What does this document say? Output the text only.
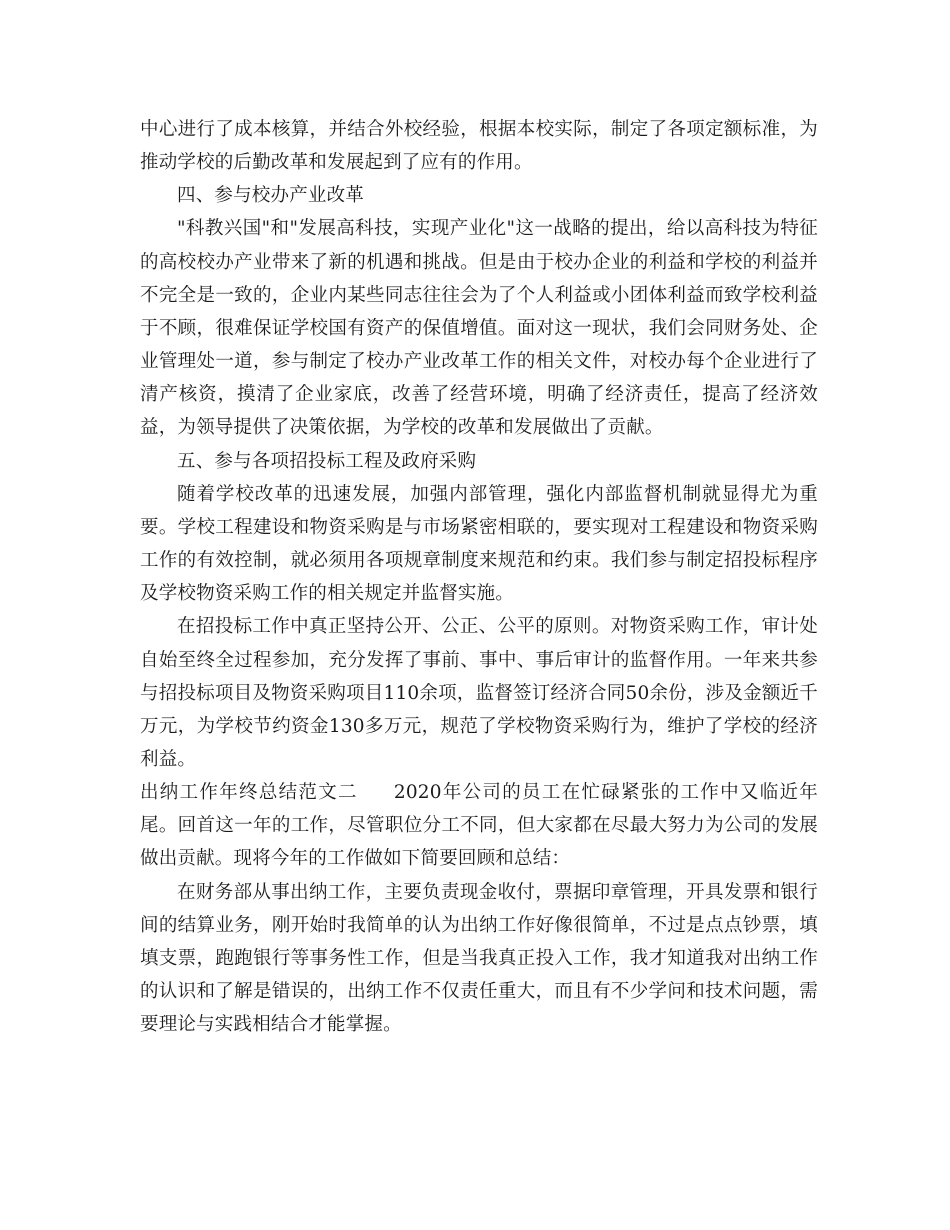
中心进行了成本核算，并结合外校经验，根据本校实际，制定了各项定额标准，为推动学校的后勤改革和发展起到了应有的作用。

四、参与校办产业改革

"科教兴国"和"发展高科技，实现产业化"这一战略的提出，给以高科技为特征的高校校办产业带来了新的机遇和挑战。但是由于校办企业的利益和学校的利益并不完全是一致的，企业内某些同志往往会为了个人利益或小团体利益而致学校利益于不顾，很难保证学校国有资产的保值增值。面对这一现状，我们会同财务处、企业管理处一道，参与制定了校办产业改革工作的相关文件，对校办每个企业进行了清产核资，摸清了企业家底，改善了经营环境，明确了经济责任，提高了经济效益，为领导提供了决策依据，为学校的改革和发展做出了贡献。

五、参与各项招投标工程及政府采购

随着学校改革的迅速发展，加强内部管理，强化内部监督机制就显得尤为重要。学校工程建设和物资采购是与市场紧密相联的，要实现对工程建设和物资采购工作的有效控制，就必须用各项规章制度来规范和约束。我们参与制定招投标程序及学校物资采购工作的相关规定并监督实施。

在招投标工作中真正坚持公开、公正、公平的原则。对物资采购工作，审计处自始至终全过程参加，充分发挥了事前、事中、事后审计的监督作用。一年来共参与招投标项目及物资采购项目110余项，监督签订经济合同50余份，涉及金额近千万元，为学校节约资金130多万元，规范了学校物资采购行为，维护了学校的经济利益。

出纳工作年终总结范文二 2020年公司的员工在忙碌紧张的工作中又临近年尾。回首这一年的工作，尽管职位分工不同，但大家都在尽最大努力为公司的发展做出贡献。现将今年的工作做如下简要回顾和总结：

在财务部从事出纳工作，主要负责现金收付，票据印章管理，开具发票和银行间的结算业务，刚开始时我简单的认为出纳工作好像很简单，不过是点点钞票，填填支票，跑跑银行等事务性工作，但是当我真正投入工作，我才知道我对出纳工作的认识和了解是错误的，出纳工作不仅责任重大，而且有不少学问和技术问题，需要理论与实践相结合才能掌握。
